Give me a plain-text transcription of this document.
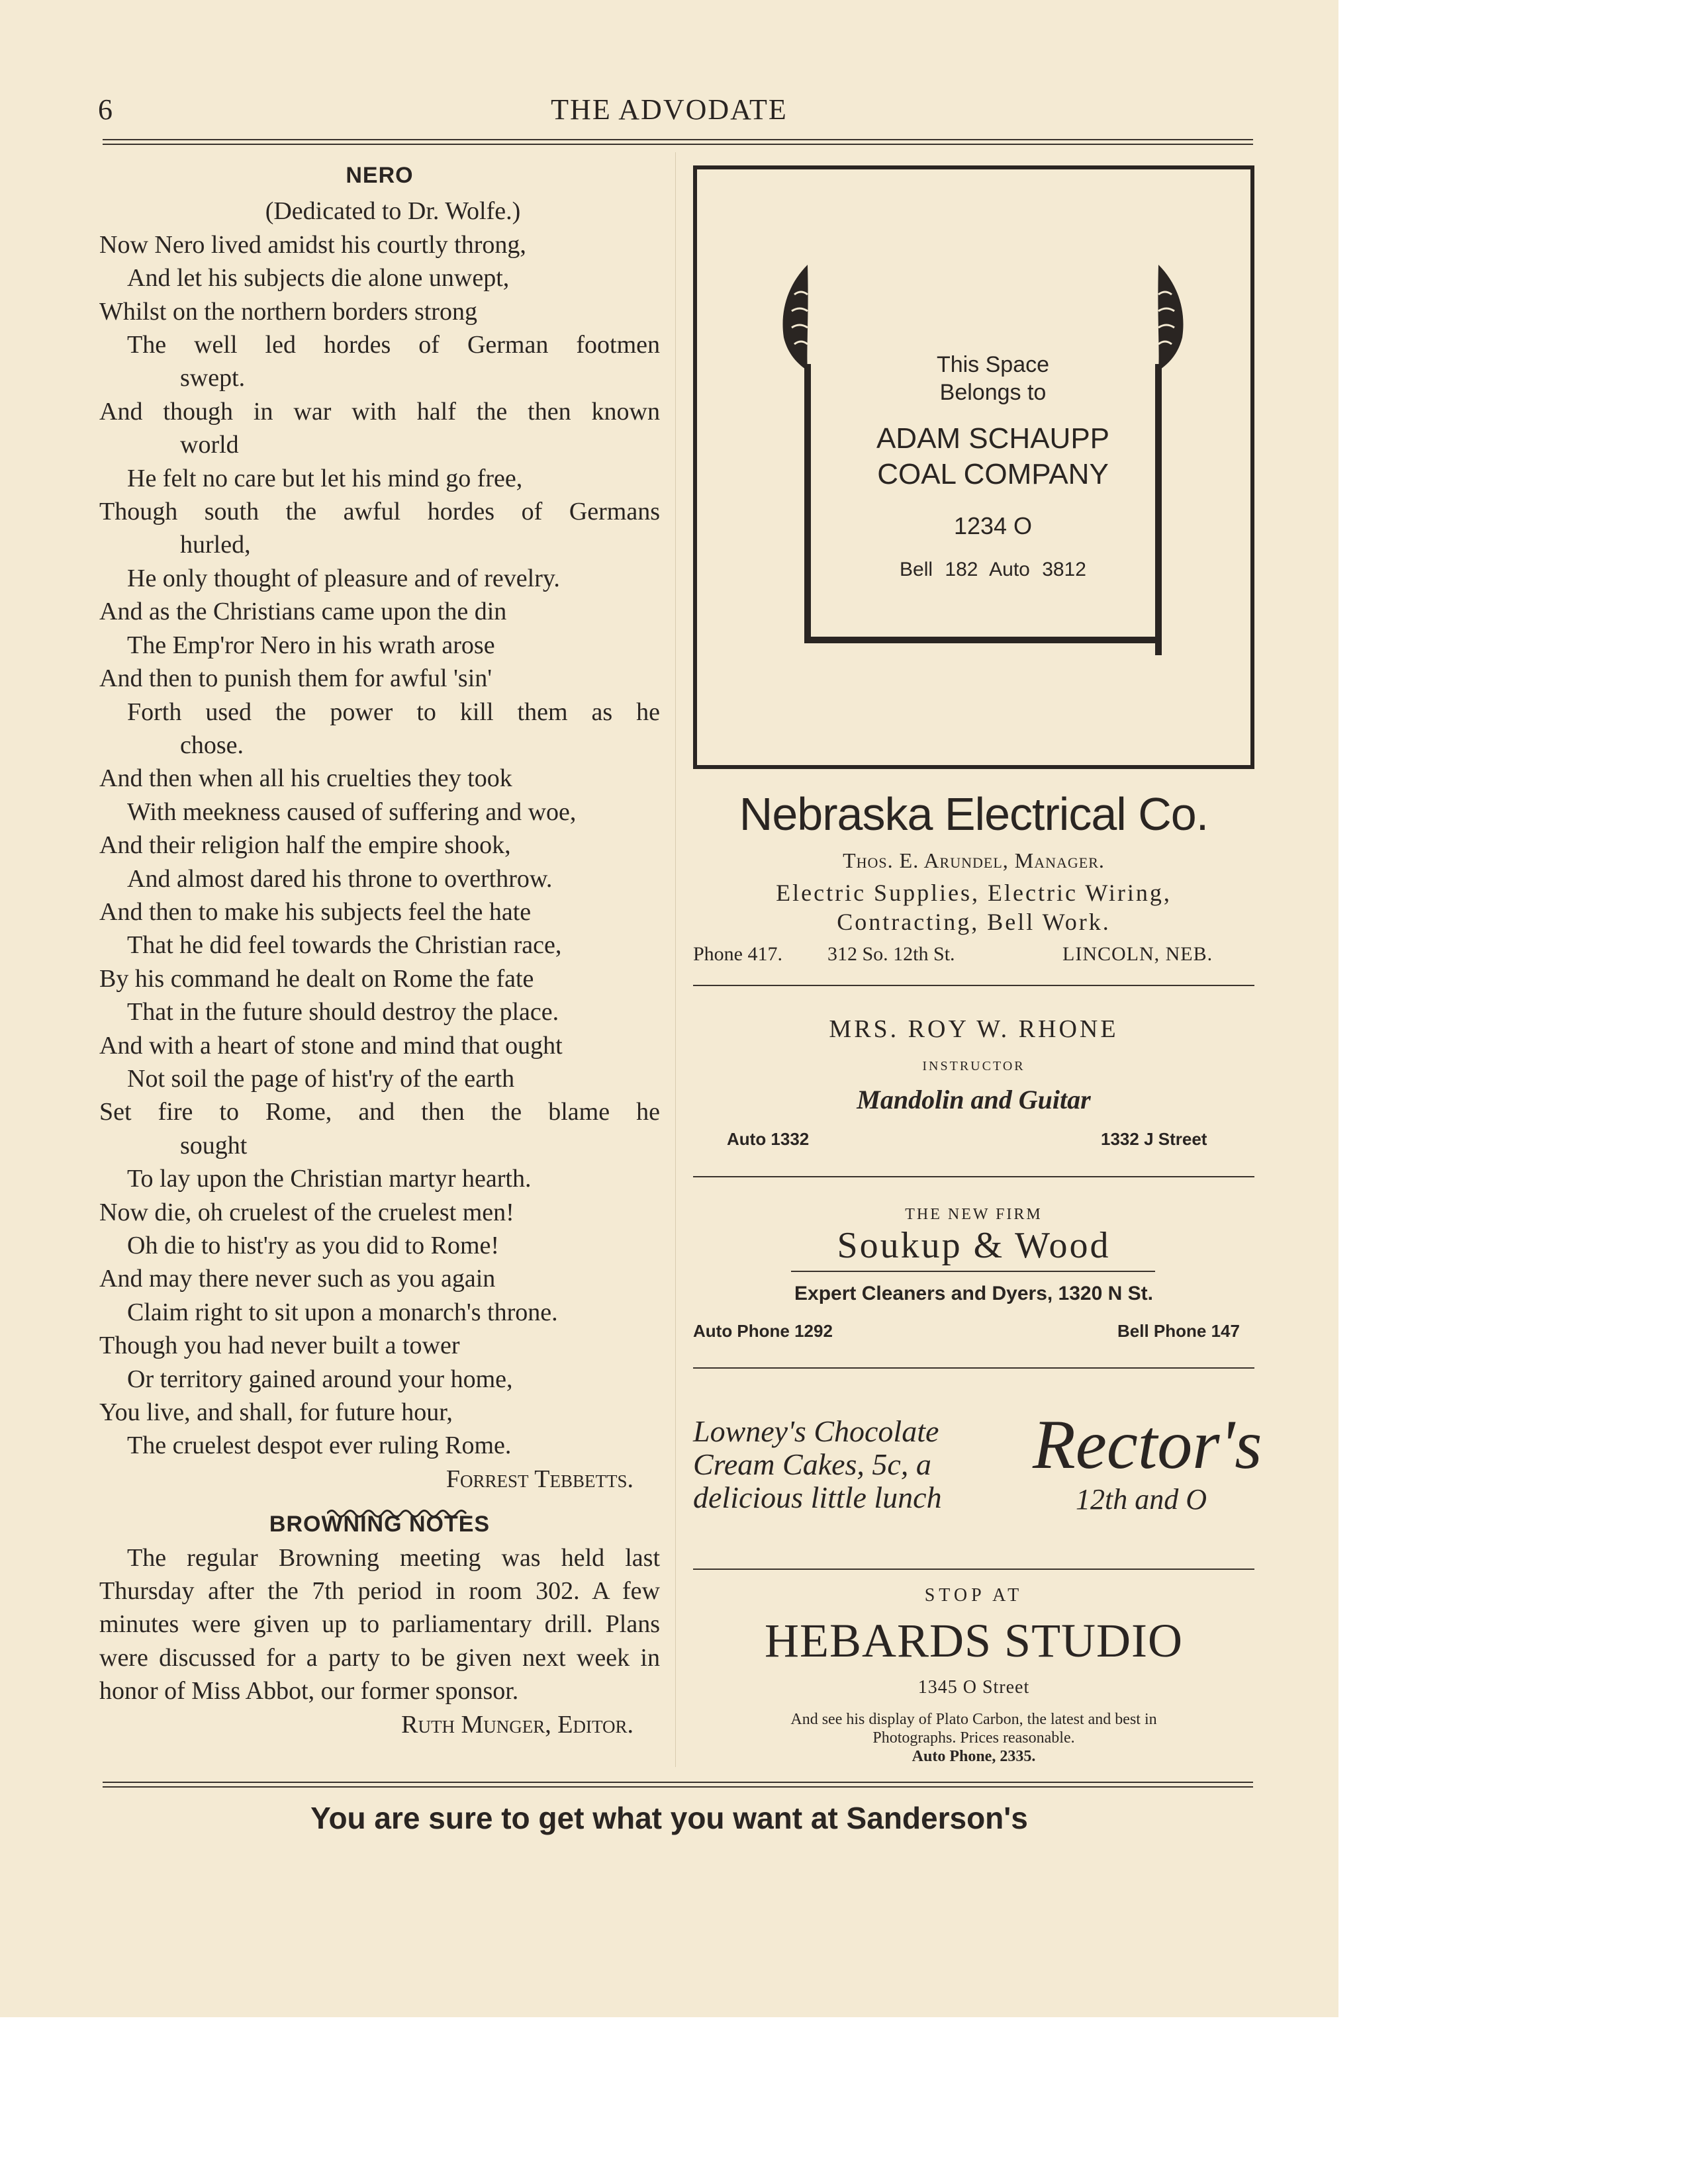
6	THE ADVODATE
NERO
(Dedicated to Dr. Wolfe.)
Now Nero lived amidst his courtly throng,
And let his subjects die alone unwept,
Whilst on the northern borders strong
The well led hordes of German footmen
swept.
And though in war with half the then known
world
He felt no care but let his mind go free,
Though south the awful hordes of Germans
hurled,
He only thought of pleasure and of revelry.
And as the Christians came upon the din
The Emp'ror Nero in his wrath arose
And then to punish them for awful 'sin'
Forth used the power to kill them as he
chose.
And then when all his cruelties they took
With meekness caused of suffering and woe,
And their religion half the empire shook,
And almost dared his throne to overthrow.
And then to make his subjects feel the hate
That he did feel towards the Christian race,
By his command he dealt on Rome the fate
That in the future should destroy the place.
And with a heart of stone and mind that ought
Not soil the page of hist'ry of the earth
Set fire to Rome, and then the blame he
sought
To lay upon the Christian martyr hearth.
Now die, oh cruelest of the cruelest men!
Oh die to hist'ry as you did to Rome!
And may there never such as you again
Claim right to sit upon a monarch's throne.
Though you had never built a tower
Or territory gained around your home,
You live, and shall, for future hour,
The cruelest despot ever ruling Rome.
Forrest Tebbetts.
BROWNING NOTES
The regular Browning meeting was held last Thursday after the 7th period in room 302. A few minutes were given up to parliamentary drill. Plans were discussed for a party to be given next week in honor of Miss Abbot, our former sponsor.
Ruth Munger, Editor.
This Space
Belongs to
ADAM SCHAUPP
COAL COMPANY
1234 O
Bell 182 Auto 3812
Nebraska Electrical Co.
Thos. E. Arundel, Manager.
Electric Supplies, Electric Wiring,
Contracting, Bell Work.
Phone 417. 312 So. 12th St.	LINCOLN, NEB.
MRS. ROY W. RHONE
INSTRUCTOR
Mandolin and Guitar
Auto 1332	1332 J Street
THE NEW FIRM
Soukup & Wood
Expert Cleaners and Dyers, 1320 N St.
Auto Phone 1292	Bell Phone 147
Lowney's Chocolate
Cream Cakes, 5c, a
delicious little lunch
Rector's
12th and O
STOP AT
HEBARDS STUDIO
1345 O Street
And see his display of Plato Carbon, the latest and best in
Photographs. Prices reasonable.
Auto Phone, 2335.
You are sure to get what you want at Sanderson's
